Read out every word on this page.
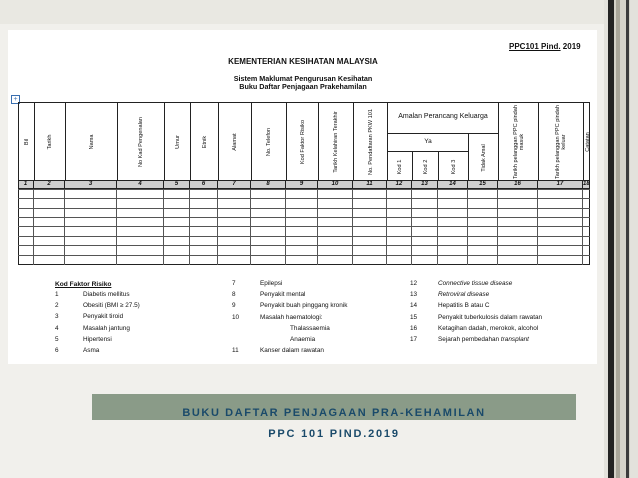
PPC101 Pind. 2019
KEMENTERIAN KESIHATAN MALAYSIA
Sistem Maklumat Pengurusan Kesihatan
Buku Daftar Penjagaan Prakehamilan
+
Bil	Tarikh	Nama	No Kad Pengenalan	Umur	Etnik	Alamat	No. Telefon	Kod Faktor Risiko	Tarikh Kelahiran Terakhir	No. Pendaftaran PKW 101	Kod 1	Kod 2	Kod 3	Tidak Amal	Tarikh pelanggan PPC pindah masuk	Tarikh pelanggan PPC pindah keluar	Catatan
Amalan Perancang Keluarga
Ya
1	2	3	4	5	6	7	8	9	10	11	12	13	14	15	16	17	18
Kod Faktor Risiko
1	Diabetis mellitus
2	Obesiti (BMI ≥ 27.5)
3	Penyakit tiroid
4	Masalah jantung
5	Hipertensi
6	Asma
7	Epilepsi
8	Penyakit mental
9	Penyakit buah pinggang kronik
10	Masalah haematologi:
Thalassaemia
Anaemia
11	Kanser dalam rawatan
12	Connective tissue disease
13	Retroviral disease
14	Hepatitis B atau C
15	Penyakit tuberkulosis dalam rawatan
16	Ketagihan dadah, merokok, alcohol
17	Sejarah pembedahan transplant
BUKU DAFTAR PENJAGAAN PRA-KEHAMILAN
PPC 101 PIND.2019
